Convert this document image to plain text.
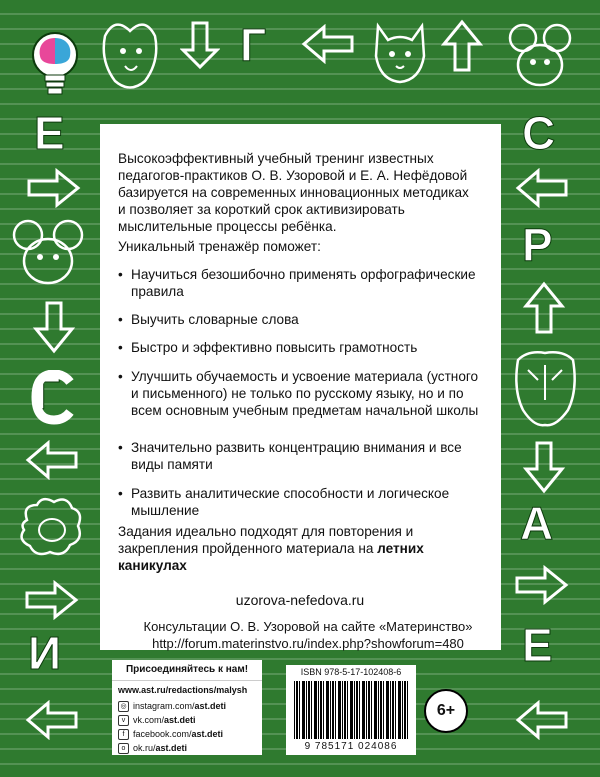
Г
Е
Г
И
С
Р
А
Е
Высокоэффективный учебный тренинг известных педагогов-практиков О. В. Узоровой и Е. А. Нефёдовой базируется на современных инновационных методиках и позволяет за короткий срок активизировать мыслительные процессы ребёнка.
Уникальный тренажёр поможет:
• Научиться безошибочно применять орфографические правила
• Выучить словарные слова
• Быстро и эффективно повысить грамотность
• Улучшить обучаемость и усвоение материала (устного и письменного) не только по русскому языку, но и по всем основным учебным предметам начальной школы
• Значительно развить концентрацию внимания и все виды памяти
• Развить аналитические способности и логическое мышление
Задания идеально подходят для повторения и закрепления пройденного материала на летних каникулах
uzorova-nefedova.ru
Консультации О. В. Узоровой на сайте «Материнство»
http://forum.materinstvo.ru/index.php?showforum=480
Присоединяйтесь к нам!
www.ast.ru/redactions/malysh
◎ instagram.com/ ast.deti
v vk.com/ ast.deti
f facebook.com/ ast.deti
o ok.ru/ ast.deti
ISBN 978-5-17-102408-6
9 785171 024086
6+
